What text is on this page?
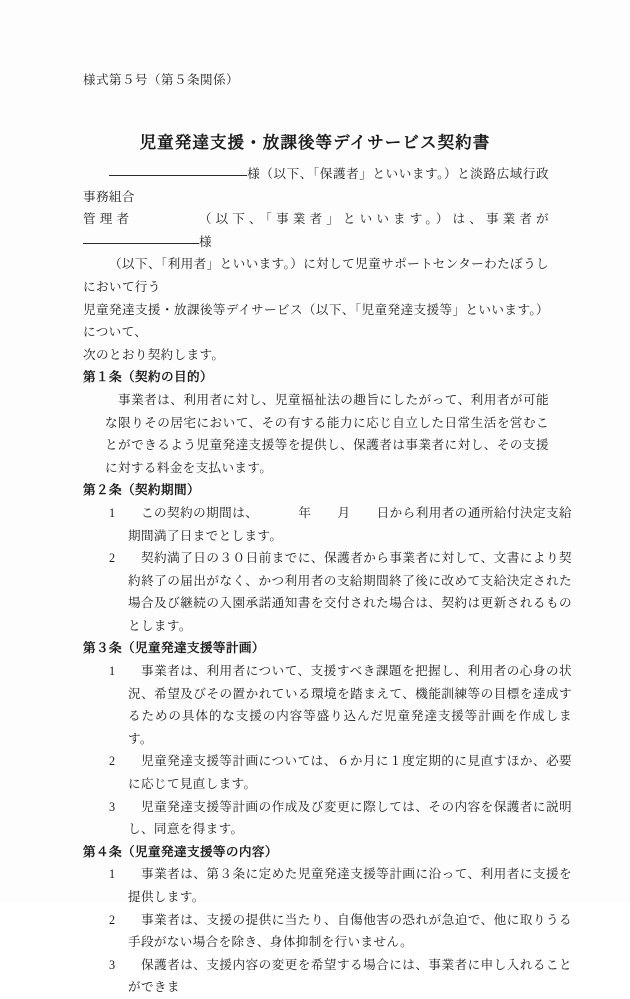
様式第５号（第５条関係）
児童発達支援・放課後等デイサービス契約書
様（以下、「保護者」といいます。）と淡路広域行政事務組合
管理者	（以下、「事業者」といいます。）は、事業者が様
（以下、「利用者」といいます。）に対して児童サポートセンターわたぼうしにおいて行う
児童発達支援・放課後等デイサービス（以下、「児童発達支援等」といいます。）について、
次のとおり契約します。

第１条（契約の目的）

事業者は、利用者に対し、児童福祉法の趣旨にしたがって、利用者が可能な限りその居宅において、その有する能力に応じ自立した日常生活を営むことができるよう児童発達支援等を提供し、保護者は事業者に対し、その支援に対する料金を支払います。

第２条（契約期間）

1	この契約の期間は、	年 月 日から利用者の通所給付決定支給期間満了日までとします。
2	契約満了日の３０日前までに、保護者から事業者に対して、文書により契約終了の届出がなく、かつ利用者の支給期間終了後に改めて支給決定された場合及び継続の入園承諾通知書を交付された場合は、契約は更新されるものとします。

第３条（児童発達支援等計画）

1	事業者は、利用者について、支援すべき課題を把握し、利用者の心身の状況、希望及びその置かれている環境を踏まえて、機能訓練等の目標を達成するための具体的な支援の内容等盛り込んだ児童発達支援等計画を作成します。
2	児童発達支援等計画については、６か月に１度定期的に見直すほか、必要に応じて見直します。
3	児童発達支援等計画の作成及び変更に際しては、その内容を保護者に説明し、同意を得ます。

第４条（児童発達支援等の内容）

1	事業者は、第３条に定めた児童発達支援等計画に沿って、利用者に支援を提供します。
2	事業者は、支援の提供に当たり、自傷他害の恐れが急迫で、他に取りうる手段がない場合を除き、身体抑制を行いません。
3	保護者は、支援内容の変更を希望する場合には、事業者に申し入れることができま
